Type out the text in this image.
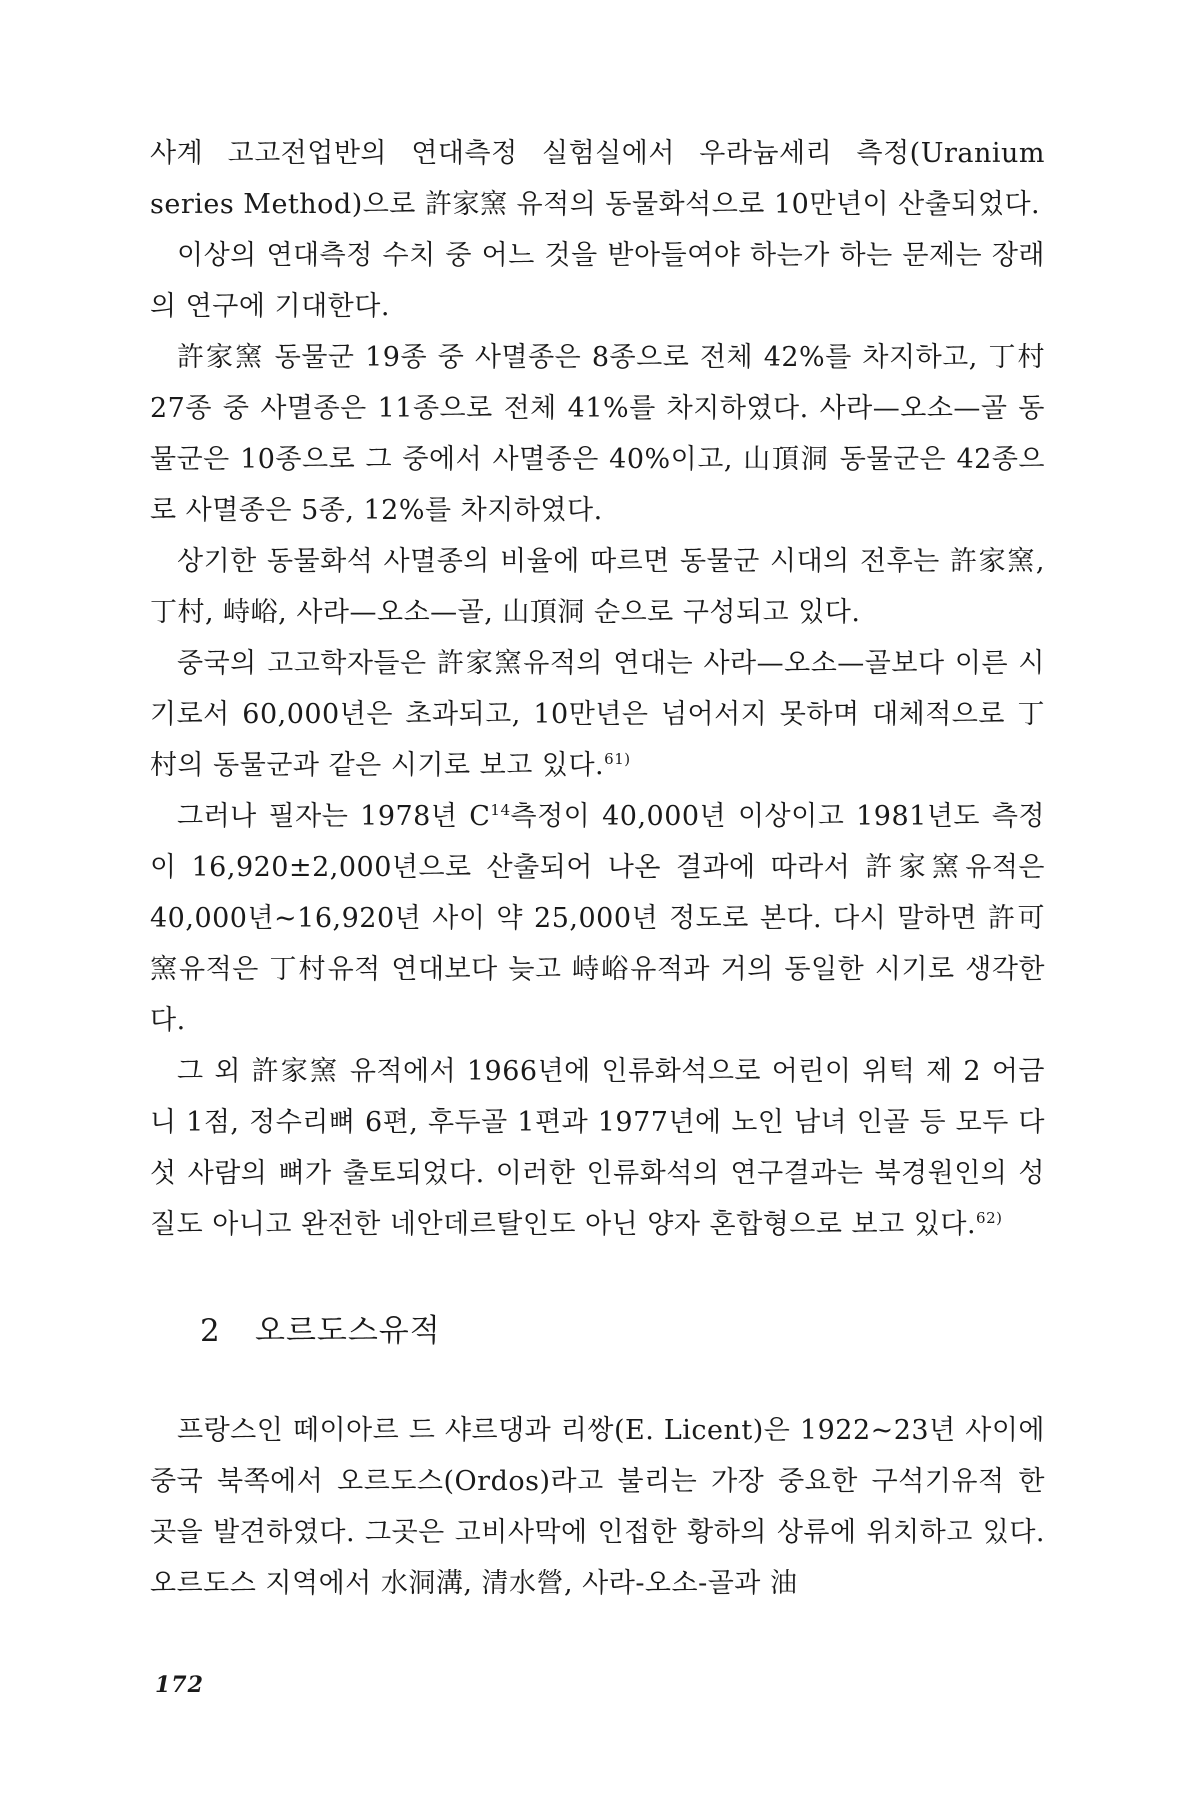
사계 고고전업반의 연대측정 실험실에서 우라늄세리 측정(Uranium series Method)으로 許家窯 유적의 동물화석으로 10만년이 산출되었다.

이상의 연대측정 수치 중 어느 것을 받아들여야 하는가 하는 문제는 장래의 연구에 기대한다.

許家窯 동물군 19종 중 사멸종은 8종으로 전체 42%를 차지하고, 丁村 27종 중 사멸종은 11종으로 전체 41%를 차지하였다. 사라—오소—골 동물군은 10종으로 그 중에서 사멸종은 40%이고, 山頂洞 동물군은 42종으로 사멸종은 5종, 12%를 차지하였다.

상기한 동물화석 사멸종의 비율에 따르면 동물군 시대의 전후는 許家窯, 丁村, 峙峪, 사라—오소—골, 山頂洞 순으로 구성되고 있다.

중국의 고고학자들은 許家窯유적의 연대는 사라—오소—골보다 이른 시기로서 60,000년은 초과되고, 10만년은 넘어서지 못하며 대체적으로 丁村의 동물군과 같은 시기로 보고 있다.$^{61)}$

그러나 필자는 1978년 $C^{14}$측정이 40,000년 이상이고 1981년도 측정이 16,920±2,000년으로 산출되어 나온 결과에 따라서 許家窯유적은 40,000년~16,920년 사이 약 25,000년 정도로 본다. 다시 말하면 許可窯유적은 丁村유적 연대보다 늦고 峙峪유적과 거의 동일한 시기로 생각한다.

그 외 許家窯 유적에서 1966년에 인류화석으로 어린이 위턱 제 2 어금니 1점, 정수리뼈 6편, 후두골 1편과 1977년에 노인 남녀 인골 등 모두 다섯 사람의 뼈가 출토되었다. 이러한 인류화석의 연구결과는 북경원인의 성질도 아니고 완전한 네안데르탈인도 아닌 양자 혼합형으로 보고 있다.$^{62)}$

2 오르도스유적

프랑스인 떼이아르 드 샤르댕과 리쌍(E. Licent)은 1922~23년 사이에 중국 북쪽에서 오르도스(Ordos)라고 불리는 가장 중요한 구석기유적 한 곳을 발견하였다. 그곳은 고비사막에 인접한 황하의 상류에 위치하고 있다. 오르도스 지역에서 水洞溝, 清水營, 사라-오소-골과 油

172
